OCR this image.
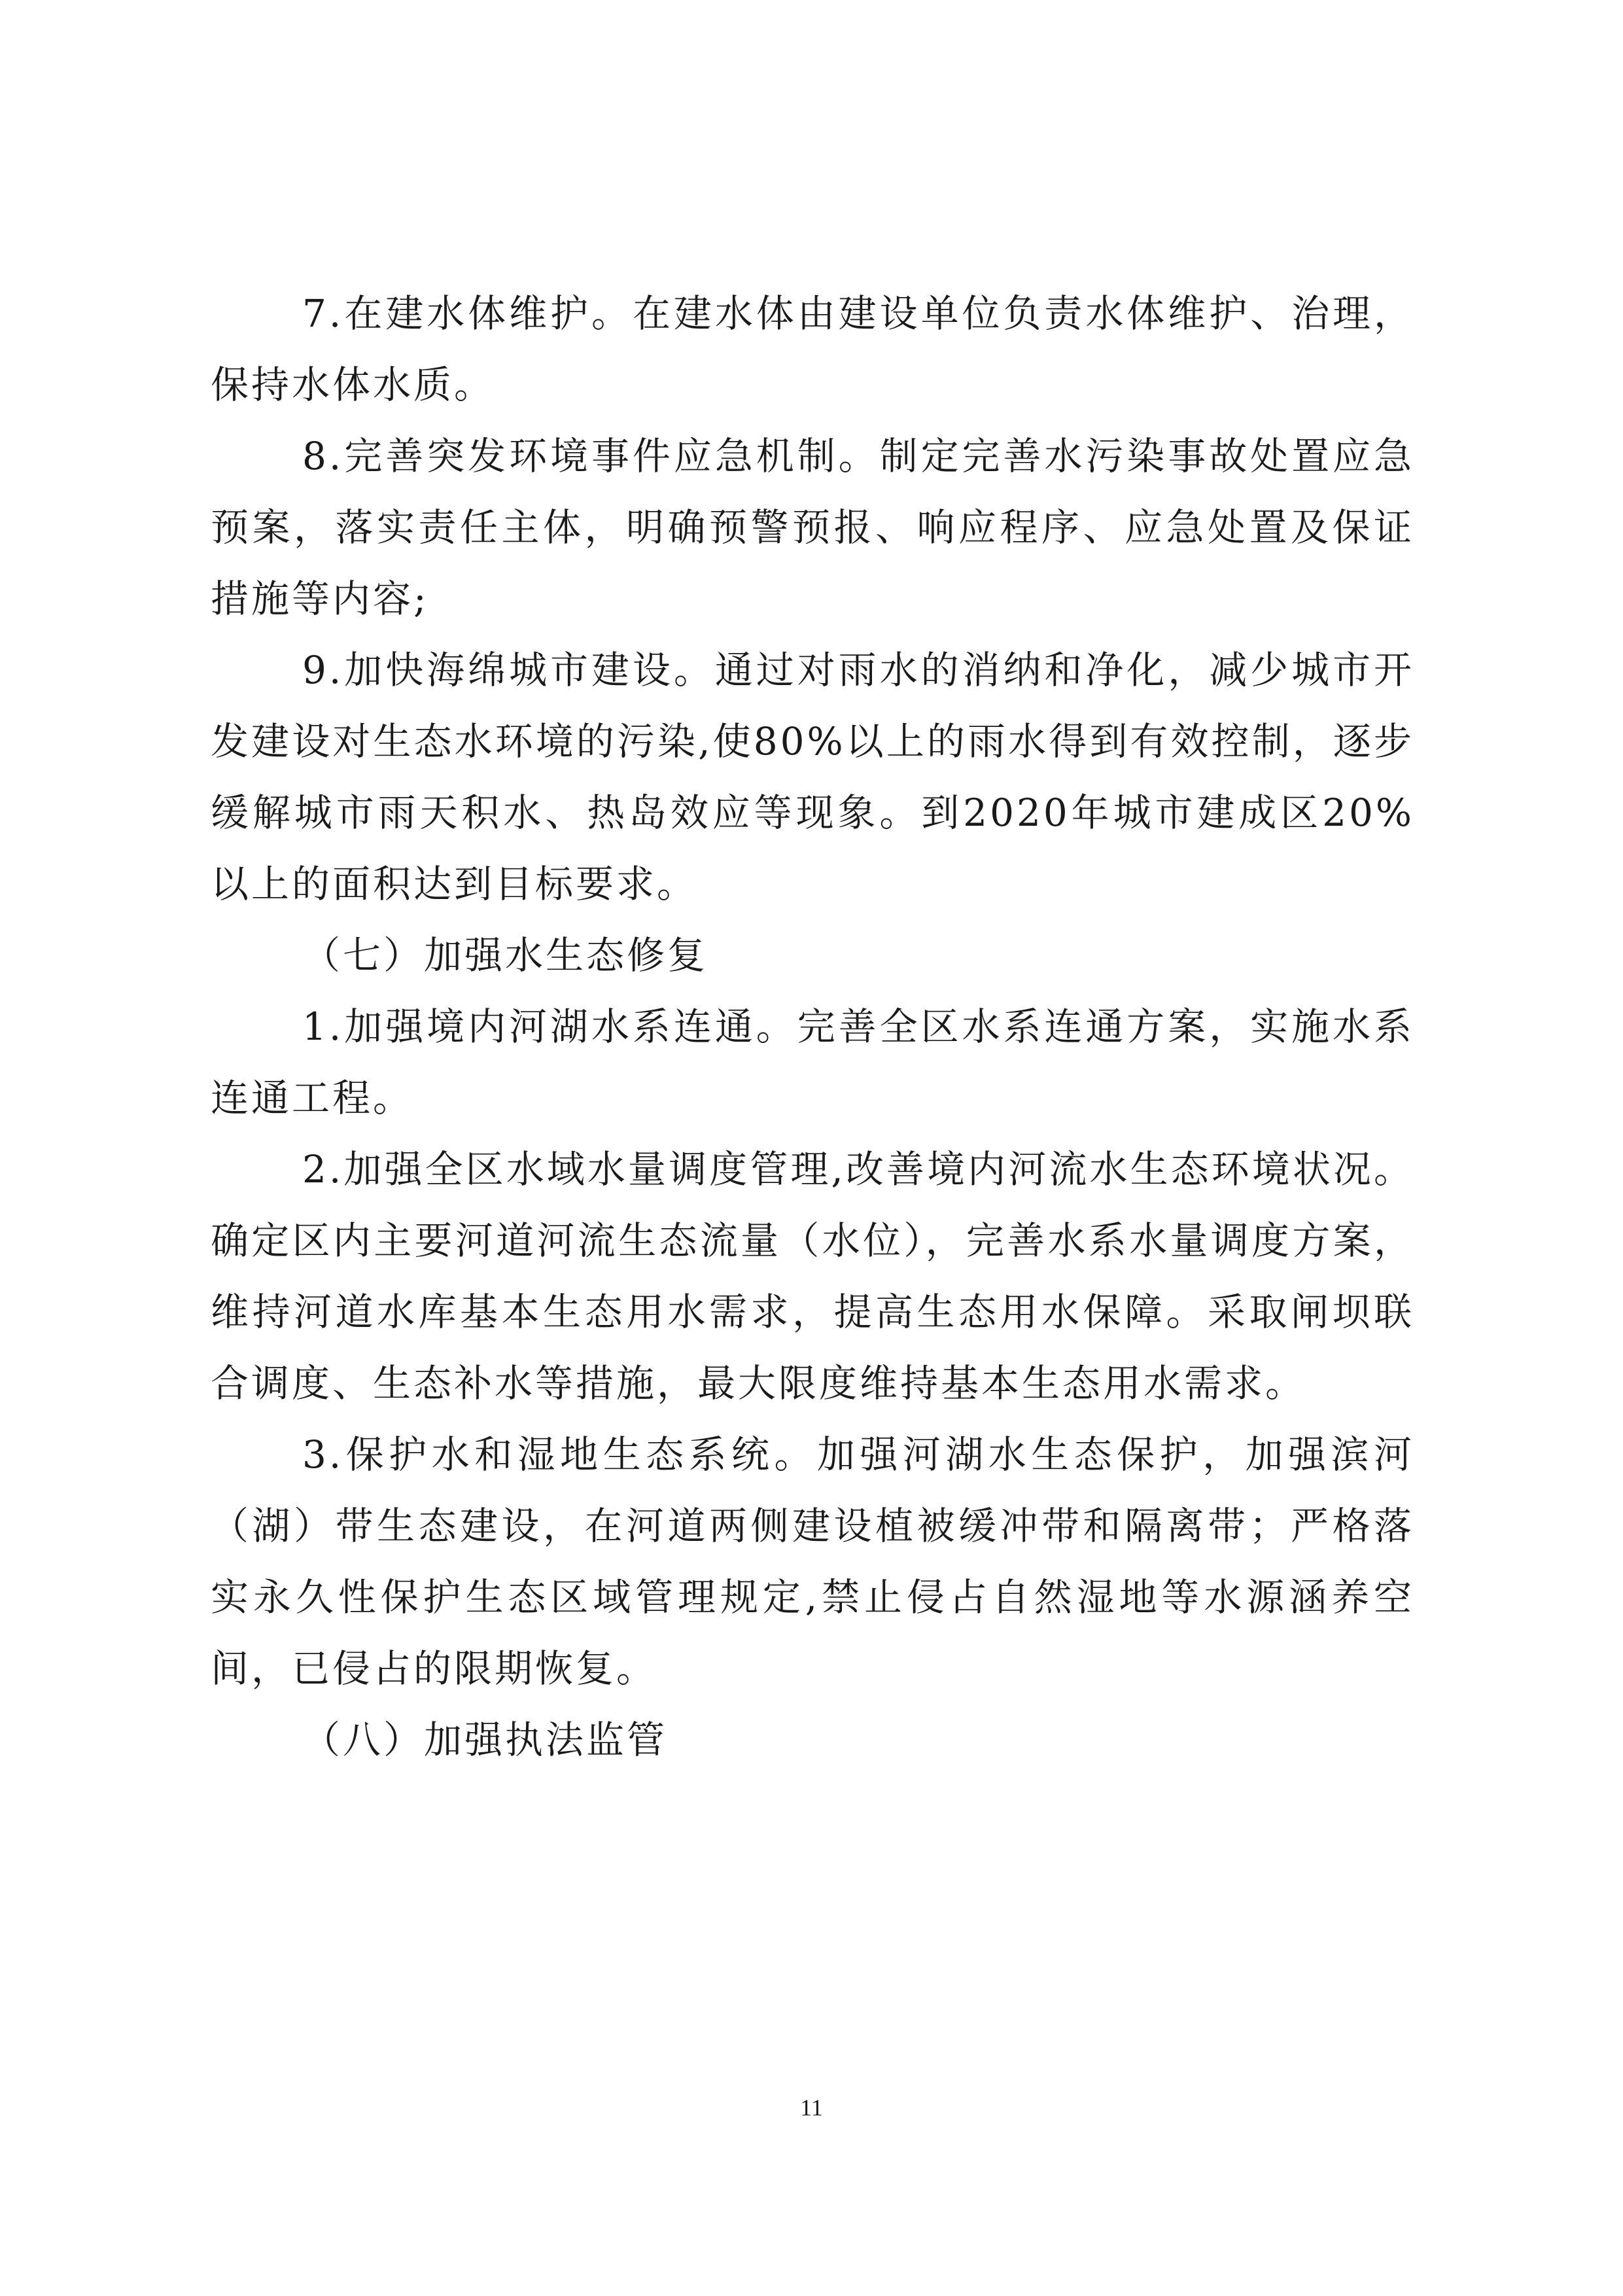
7.在建水体维护。在建水体由建设单位负责水体维护、治理，保持水体水质。

8.完善突发环境事件应急机制。制定完善水污染事故处置应急预案，落实责任主体，明确预警预报、响应程序、应急处置及保证措施等内容;

9.加快海绵城市建设。通过对雨水的消纳和净化，减少城市开发建设对生态水环境的污染,使80%以上的雨水得到有效控制，逐步缓解城市雨天积水、热岛效应等现象。到2020年城市建成区20%以上的面积达到目标要求。

（七）加强水生态修复

1.加强境内河湖水系连通。完善全区水系连通方案，实施水系连通工程。

2.加强全区水域水量调度管理,改善境内河流水生态环境状况。确定区内主要河道河流生态流量（水位），完善水系水量调度方案，维持河道水库基本生态用水需求，提高生态用水保障。采取闸坝联合调度、生态补水等措施，最大限度维持基本生态用水需求。

3.保护水和湿地生态系统。加强河湖水生态保护，加强滨河（湖）带生态建设，在河道两侧建设植被缓冲带和隔离带；严格落实永久性保护生态区域管理规定,禁止侵占自然湿地等水源涵养空间，已侵占的限期恢复。

（八）加强执法监管

11
